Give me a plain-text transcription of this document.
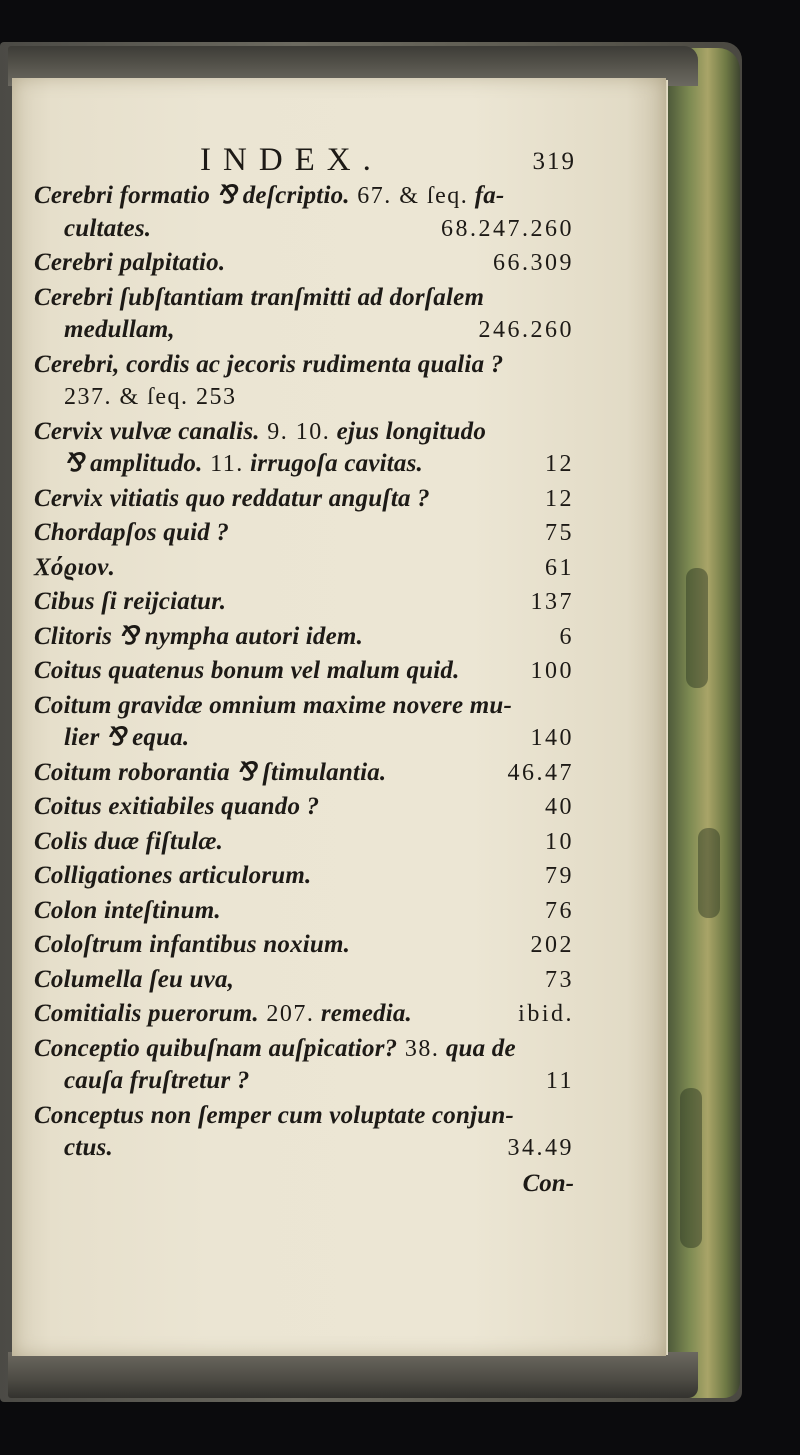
INDEX.	319
Cerebri formatio ⅋ deſcriptio. 67. & ſeq. fa-
cultates.	68.247.260
Cerebri palpitatio.	66.309
Cerebri ſubſtantiam tranſmitti ad dorſalem
medullam,	246.260
Cerebri, cordis ac jecoris rudimenta qualia ?
237. & ſeq. 253
Cervix vulvæ canalis. 9. 10. ejus longitudo
⅋ amplitudo. 11. irrugoſa cavitas.	12
Cervix vitiatis quo reddatur anguſta ?	12
Chordapſos quid ?	75
Χόϱιον.	61
Cibus ſi reijciatur.	137
Clitoris ⅋ nympha autori idem.	6
Coitus quatenus bonum vel malum quid.	100
Coitum gravidæ omnium maxime novere mu-
lier ⅋ equa.	140
Coitum roborantia ⅋ ſtimulantia.	46.47
Coitus exitiabiles quando ?	40
Colis duæ fiſtulæ.	10
Colligationes articulorum.	79
Colon inteſtinum.	76
Coloſtrum infantibus noxium.	202
Columella ſeu uva,	73
Comitialis puerorum. 207. remedia.	ibid.
Conceptio quibuſnam auſpicatior? 38. qua de
cauſa fruſtretur ?	11
Conceptus non ſemper cum voluptate conjun-
ctus.	34.49
Con-
